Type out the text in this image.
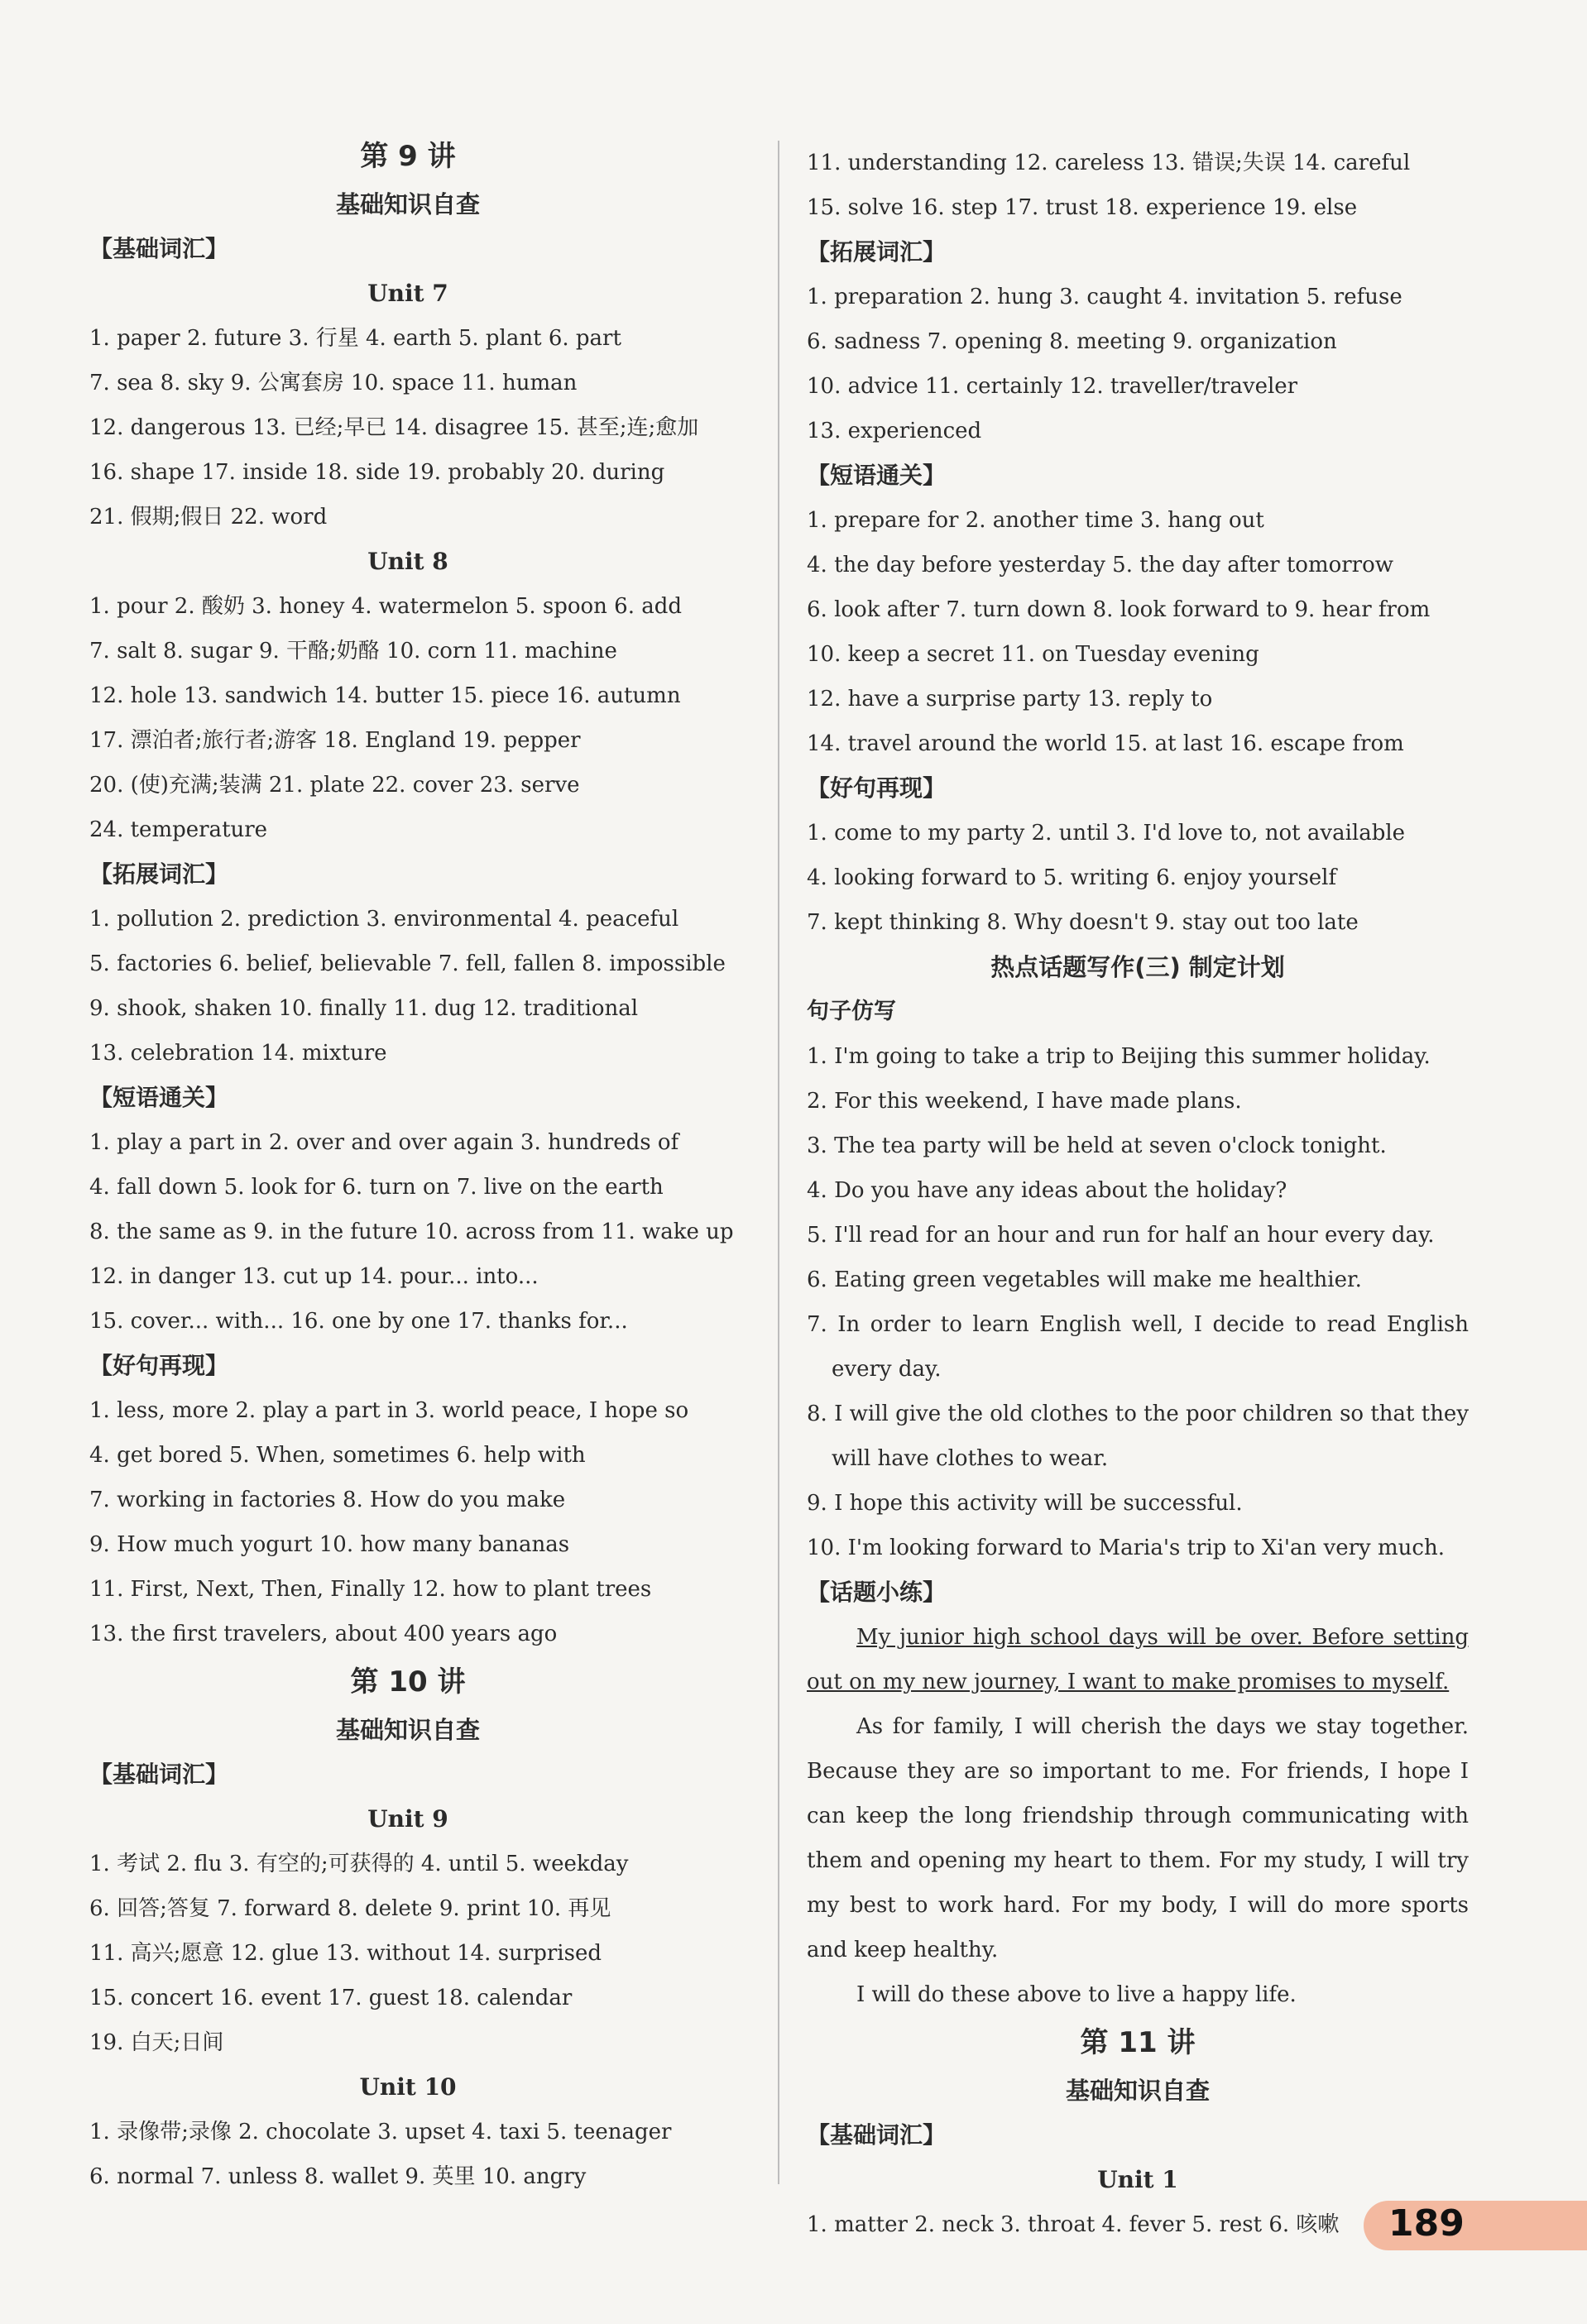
第 9 讲
基础知识自查
【基础词汇】
Unit 7
1. paper 2. future 3. 行星 4. earth 5. plant 6. part
7. sea 8. sky 9. 公寓套房 10. space 11. human
12. dangerous 13. 已经;早已 14. disagree 15. 甚至;连;愈加
16. shape 17. inside 18. side 19. probably 20. during
21. 假期;假日 22. word
Unit 8
1. pour 2. 酸奶 3. honey 4. watermelon 5. spoon 6. add
7. salt 8. sugar 9. 干酪;奶酪 10. corn 11. machine
12. hole 13. sandwich 14. butter 15. piece 16. autumn
17. 漂泊者;旅行者;游客 18. England 19. pepper
20. (使)充满;装满 21. plate 22. cover 23. serve
24. temperature
【拓展词汇】
1. pollution 2. prediction 3. environmental 4. peaceful
5. factories 6. belief, believable 7. fell, fallen 8. impossible
9. shook, shaken 10. finally 11. dug 12. traditional
13. celebration 14. mixture
【短语通关】
1. play a part in 2. over and over again 3. hundreds of
4. fall down 5. look for 6. turn on 7. live on the earth
8. the same as 9. in the future 10. across from 11. wake up
12. in danger 13. cut up 14. pour... into...
15. cover... with... 16. one by one 17. thanks for...
【好句再现】
1. less, more 2. play a part in 3. world peace, I hope so
4. get bored 5. When, sometimes 6. help with
7. working in factories 8. How do you make
9. How much yogurt 10. how many bananas
11. First, Next, Then, Finally 12. how to plant trees
13. the first travelers, about 400 years ago
第 10 讲
基础知识自查
【基础词汇】
Unit 9
1. 考试 2. flu 3. 有空的;可获得的 4. until 5. weekday
6. 回答;答复 7. forward 8. delete 9. print 10. 再见
11. 高兴;愿意 12. glue 13. without 14. surprised
15. concert 16. event 17. guest 18. calendar
19. 白天;日间
Unit 10
1. 录像带;录像 2. chocolate 3. upset 4. taxi 5. teenager
6. normal 7. unless 8. wallet 9. 英里 10. angry
11. understanding 12. careless 13. 错误;失误 14. careful
15. solve 16. step 17. trust 18. experience 19. else
【拓展词汇】
1. preparation 2. hung 3. caught 4. invitation 5. refuse
6. sadness 7. opening 8. meeting 9. organization
10. advice 11. certainly 12. traveller/traveler
13. experienced
【短语通关】
1. prepare for 2. another time 3. hang out
4. the day before yesterday 5. the day after tomorrow
6. look after 7. turn down 8. look forward to 9. hear from
10. keep a secret 11. on Tuesday evening
12. have a surprise party 13. reply to
14. travel around the world 15. at last 16. escape from
【好句再现】
1. come to my party 2. until 3. I'd love to, not available
4. looking forward to 5. writing 6. enjoy yourself
7. kept thinking 8. Why doesn't 9. stay out too late
热点话题写作(三) 制定计划
句子仿写
1. I'm going to take a trip to Beijing this summer holiday.
2. For this weekend, I have made plans.
3. The tea party will be held at seven o'clock tonight.
4. Do you have any ideas about the holiday?
5. I'll read for an hour and run for half an hour every day.
6. Eating green vegetables will make me healthier.
7. In order to learn English well, I decide to read English every day.
8. I will give the old clothes to the poor children so that they will have clothes to wear.
9. I hope this activity will be successful.
10. I'm looking forward to Maria's trip to Xi'an very much.
【话题小练】
My junior high school days will be over. Before setting out on my new journey, I want to make promises to myself.
As for family, I will cherish the days we stay together. Because they are so important to me. For friends, I hope I can keep the long friendship through communicating with them and opening my heart to them. For my study, I will try my best to work hard. For my body, I will do more sports and keep healthy.
I will do these above to live a happy life.
第 11 讲
基础知识自查
【基础词汇】
Unit 1
1. matter 2. neck 3. throat 4. fever 5. rest 6. 咳嗽	189
